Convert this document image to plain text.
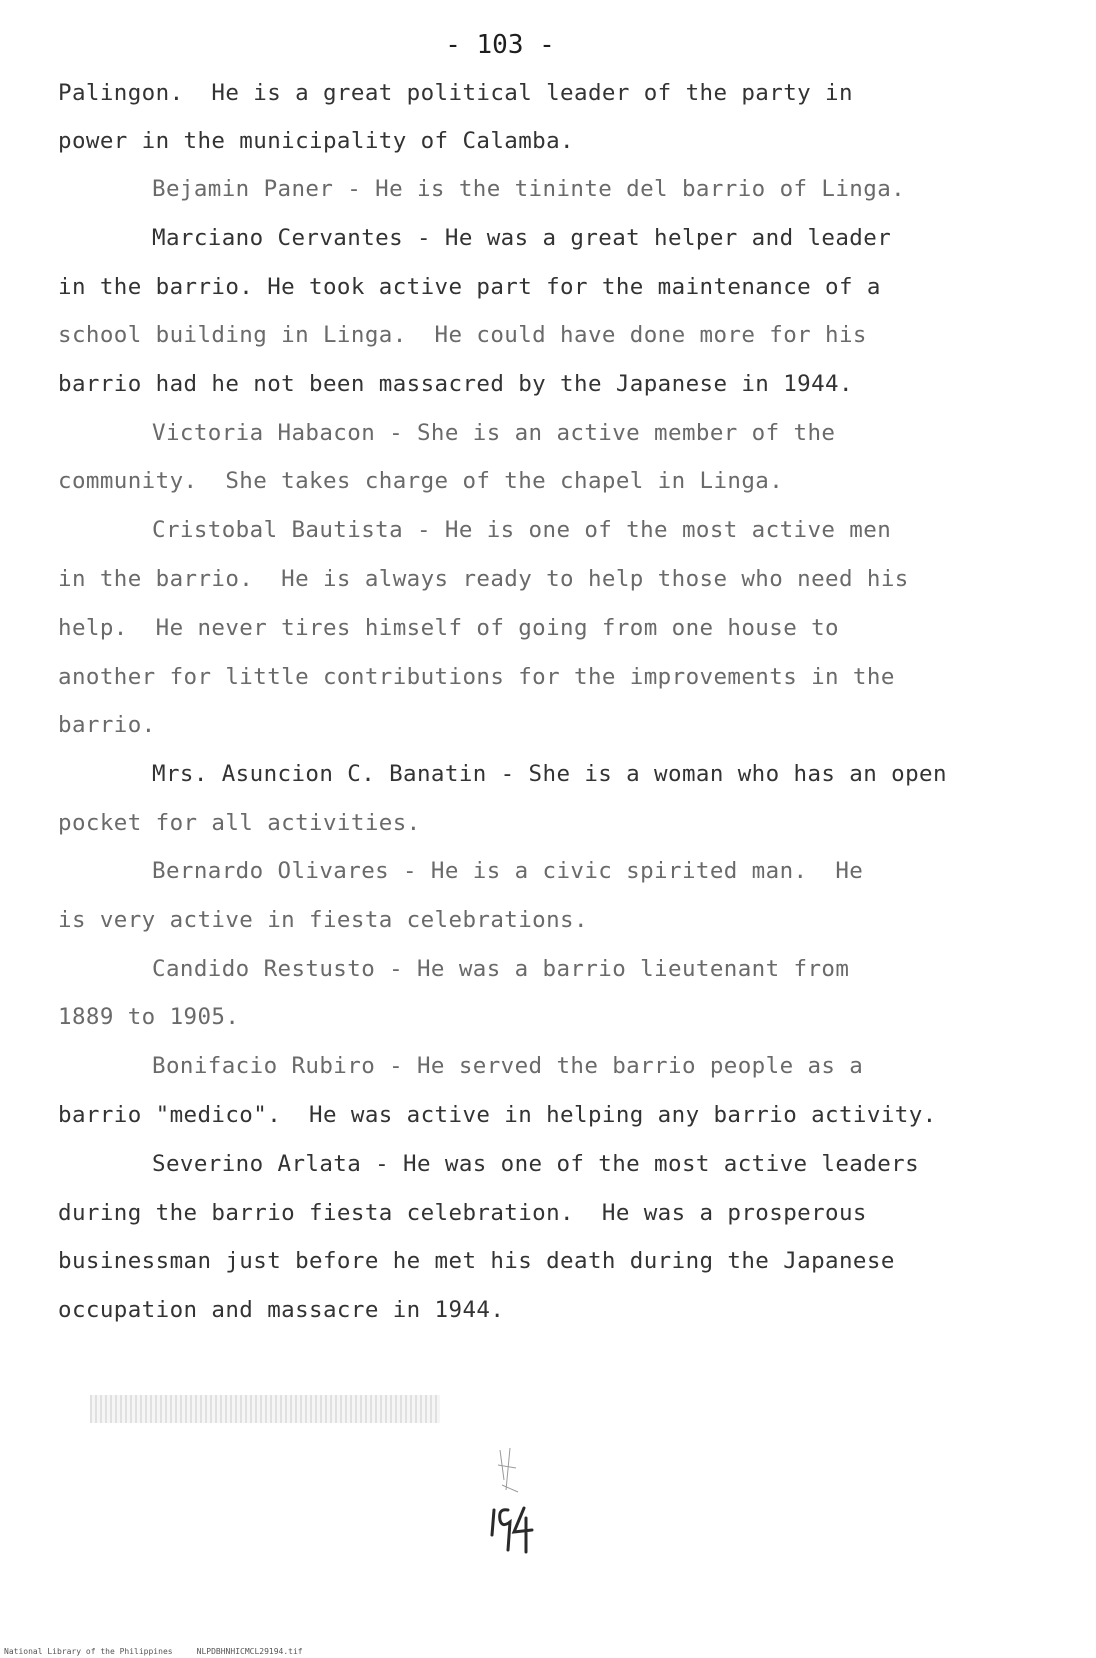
- 103 -
Palingon.  He is a great political leader of the party in
power in the municipality of Calamba.
Bejamin Paner - He is the tininte del barrio of Linga.
Marciano Cervantes - He was a great helper and leader
in the barrio. He took active part for the maintenance of a
school building in Linga.  He could have done more for his
barrio had he not been massacred by the Japanese in 1944.
Victoria Habacon - She is an active member of the
community.  She takes charge of the chapel in Linga.
Cristobal Bautista - He is one of the most active men
in the barrio.  He is always ready to help those who need his
help.  He never tires himself of going from one house to
another for little contributions for the improvements in the
barrio.
Mrs. Asuncion C. Banatin - She is a woman who has an open
pocket for all activities.
Bernardo Olivares - He is a civic spirited man.  He
is very active in fiesta celebrations.
Candido Restusto - He was a barrio lieutenant from
1889 to 1905.
Bonifacio Rubiro - He served the barrio people as a
barrio "medico".  He was active in helping any barrio activity.
Severino Arlata - He was one of the most active leaders
during the barrio fiesta celebration.  He was a prosperous
businessman just before he met his death during the Japanese
occupation and massacre in 1944.
National Library of the Philippines     NLPDBHNHICMCL29194.tif
